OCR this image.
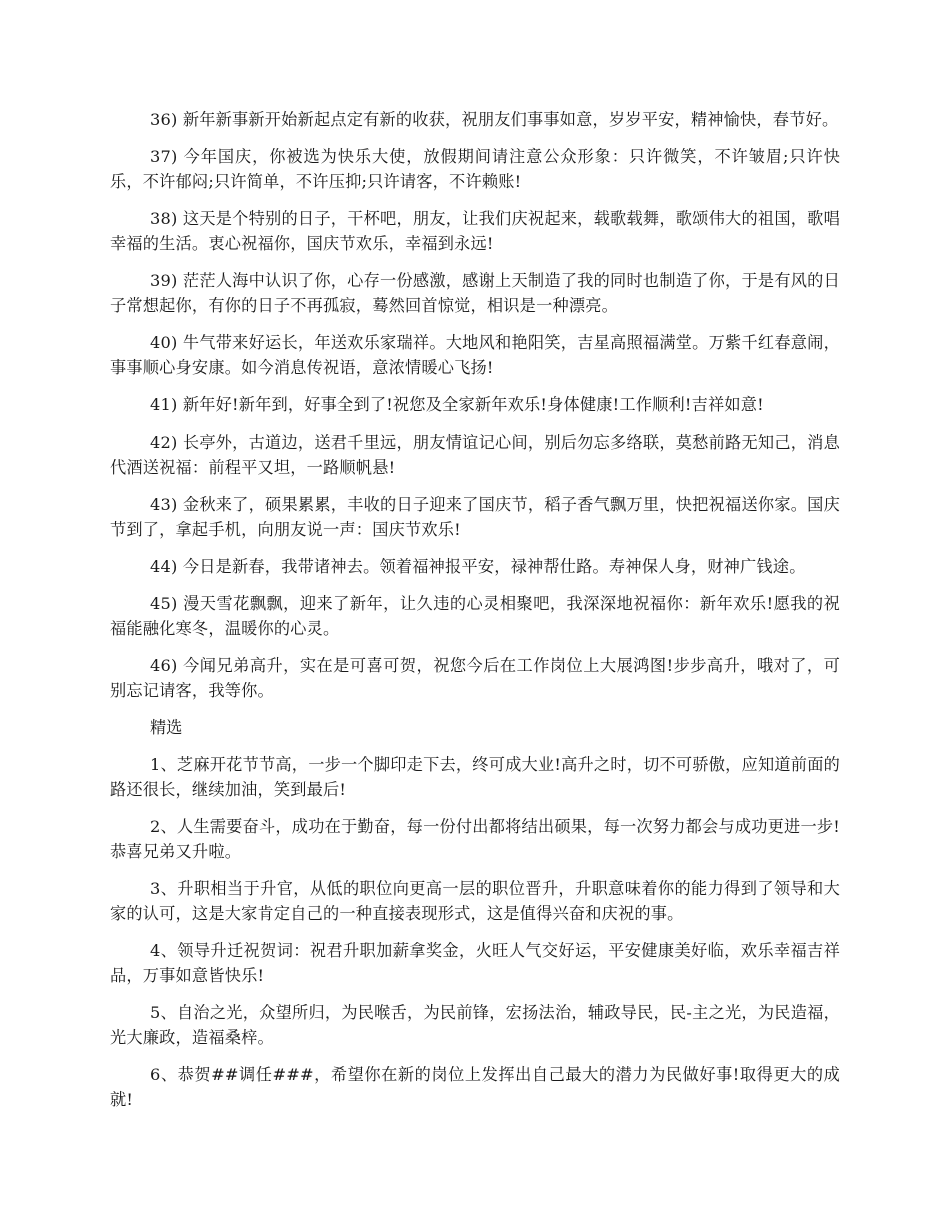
36) 新年新事新开始新起点定有新的收获，祝朋友们事事如意，岁岁平安，精神愉快，春节好。

37) 今年国庆，你被选为快乐大使，放假期间请注意公众形象：只许微笑，不许皱眉;只许快乐，不许郁闷;只许简单，不许压抑;只许请客，不许赖账!

38) 这天是个特别的日子，干杯吧，朋友，让我们庆祝起来，载歌载舞，歌颂伟大的祖国，歌唱幸福的生活。衷心祝福你，国庆节欢乐，幸福到永远!

39) 茫茫人海中认识了你，心存一份感激，感谢上天制造了我的同时也制造了你，于是有风的日子常想起你，有你的日子不再孤寂，蓦然回首惊觉，相识是一种漂亮。

40) 牛气带来好运长，年送欢乐家瑞祥。大地风和艳阳笑，吉星高照福满堂。万紫千红春意闹，事事顺心身安康。如今消息传祝语，意浓情暖心飞扬!

41) 新年好!新年到，好事全到了!祝您及全家新年欢乐!身体健康!工作顺利!吉祥如意!

42) 长亭外，古道边，送君千里远，朋友情谊记心间，别后勿忘多络联，莫愁前路无知己，消息代酒送祝福：前程平又坦，一路顺帆悬!

43) 金秋来了，硕果累累，丰收的日子迎来了国庆节，稻子香气飘万里，快把祝福送你家。国庆节到了，拿起手机，向朋友说一声：国庆节欢乐!

44) 今日是新春，我带诸神去。领着福神报平安，禄神帮仕路。寿神保人身，财神广钱途。

45) 漫天雪花飘飘，迎来了新年，让久违的心灵相聚吧，我深深地祝福你：新年欢乐!愿我的祝福能融化寒冬，温暖你的心灵。

46) 今闻兄弟高升，实在是可喜可贺，祝您今后在工作岗位上大展鸿图!步步高升，哦对了，可别忘记请客，我等你。

精选

1、芝麻开花节节高，一步一个脚印走下去，终可成大业!高升之时，切不可骄傲，应知道前面的路还很长，继续加油，笑到最后!

2、人生需要奋斗，成功在于勤奋，每一份付出都将结出硕果，每一次努力都会与成功更进一步!恭喜兄弟又升啦。

3、升职相当于升官，从低的职位向更高一层的职位晋升，升职意味着你的能力得到了领导和大家的认可，这是大家肯定自己的一种直接表现形式，这是值得兴奋和庆祝的事。

4、领导升迁祝贺词：祝君升职加薪拿奖金，火旺人气交好运，平安健康美好临，欢乐幸福吉祥品，万事如意皆快乐!

5、自治之光，众望所归，为民喉舌，为民前锋，宏扬法治，辅政导民，民-主之光，为民造福，光大廉政，造福桑梓。

6、恭贺##调任###，希望你在新的岗位上发挥出自己最大的潜力为民做好事!取得更大的成就!
